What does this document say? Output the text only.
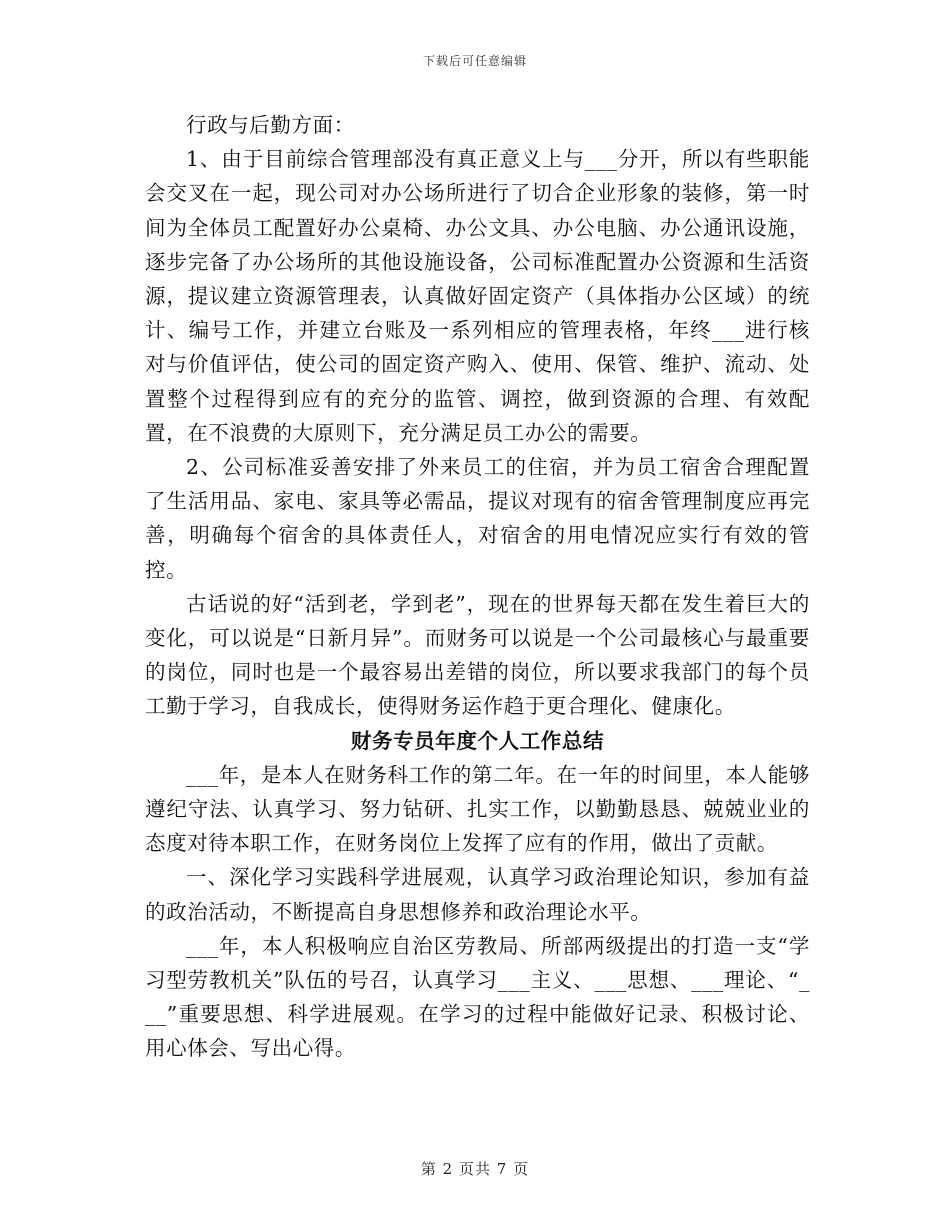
下载后可任意编辑

行政与后勤方面：

1、由于目前综合管理部没有真正意义上与___分开，所以有些职能会交叉在一起，现公司对办公场所进行了切合企业形象的装修，第一时间为全体员工配置好办公桌椅、办公文具、办公电脑、办公通讯设施，逐步完备了办公场所的其他设施设备，公司标准配置办公资源和生活资源，提议建立资源管理表，认真做好固定资产（具体指办公区域）的统计、编号工作，并建立台账及一系列相应的管理表格，年终___进行核对与价值评估，使公司的固定资产购入、使用、保管、维护、流动、处置整个过程得到应有的充分的监管、调控，做到资源的合理、有效配置，在不浪费的大原则下，充分满足员工办公的需要。

2、公司标准妥善安排了外来员工的住宿，并为员工宿舍合理配置了生活用品、家电、家具等必需品，提议对现有的宿舍管理制度应再完善，明确每个宿舍的具体责任人，对宿舍的用电情况应实行有效的管控。

古话说的好“活到老，学到老”，现在的世界每天都在发生着巨大的变化，可以说是“日新月异”。而财务可以说是一个公司最核心与最重要的岗位，同时也是一个最容易出差错的岗位，所以要求我部门的每个员工勤于学习，自我成长，使得财务运作趋于更合理化、健康化。

财务专员年度个人工作总结

___年，是本人在财务科工作的第二年。在一年的时间里，本人能够遵纪守法、认真学习、努力钻研、扎实工作，以勤勤恳恳、兢兢业业的态度对待本职工作，在财务岗位上发挥了应有的作用，做出了贡献。

一、深化学习实践科学进展观，认真学习政治理论知识，参加有益的政治活动，不断提高自身思想修养和政治理论水平。

___年，本人积极响应自治区劳教局、所部两级提出的打造一支“学习型劳教机关”队伍的号召，认真学习___主义、___思想、___理论、“___”重要思想、科学进展观。在学习的过程中能做好记录、积极讨论、用心体会、写出心得。

第 2 页共 7 页
